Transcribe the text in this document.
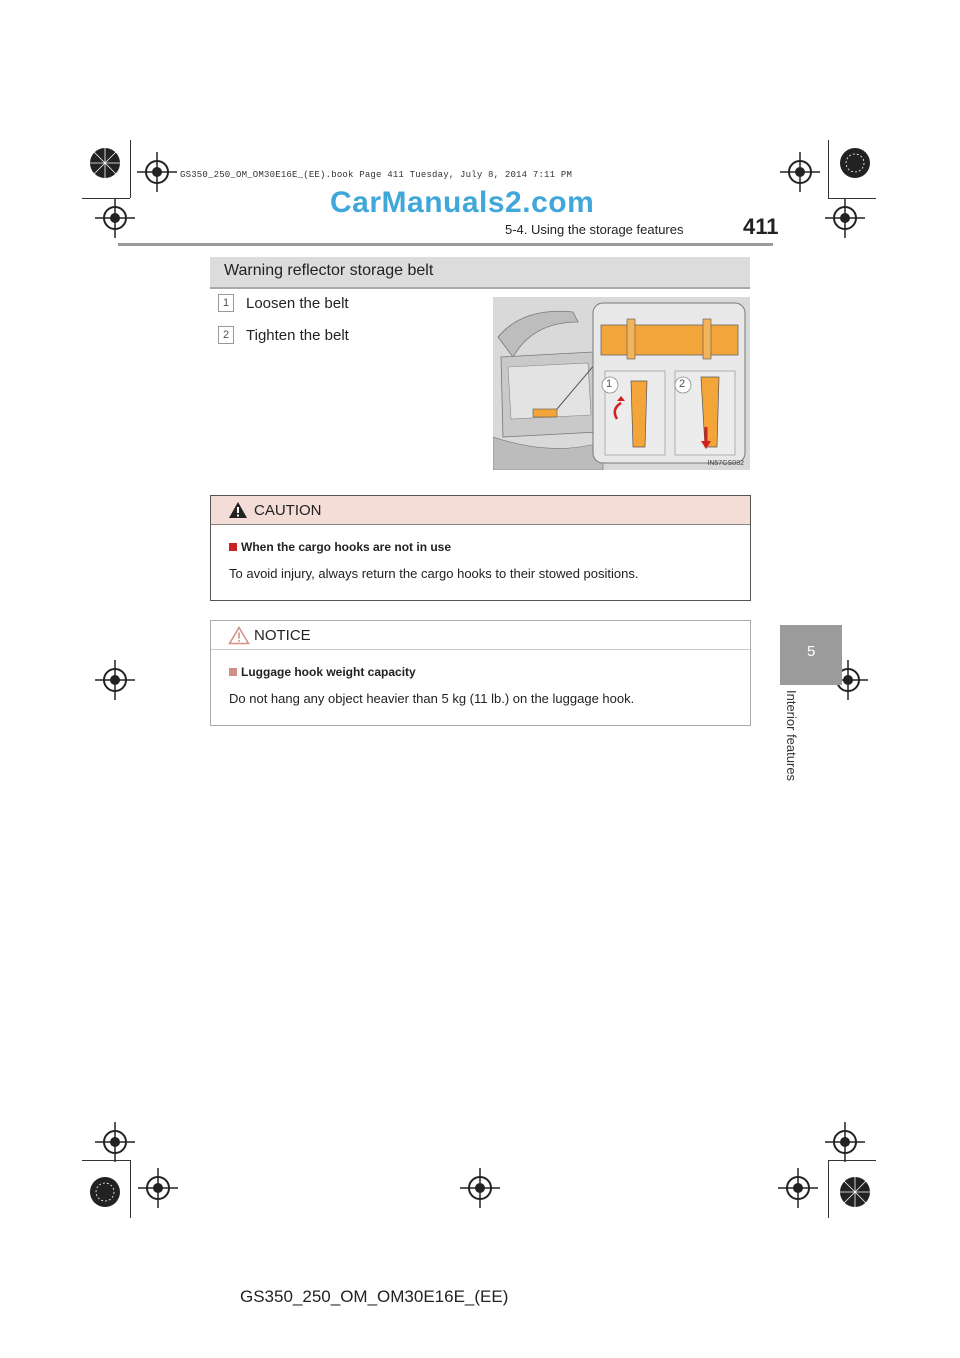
GS350_250_OM_OM30E16E_(EE).book Page 411 Tuesday, July 8, 2014 7:11 PM
CarManuals2.com
5-4. Using the storage features	411
5
Interior features
Warning reflector storage belt
1 Loosen the belt
2 Tighten the belt
1	2
IN57GS082
CAUTION
When the cargo hooks are not in use
To avoid injury, always return the cargo hooks to their stowed positions.
NOTICE
Luggage hook weight capacity
Do not hang any object heavier than 5 kg (11 lb.) on the luggage hook.
GS350_250_OM_OM30E16E_(EE)
